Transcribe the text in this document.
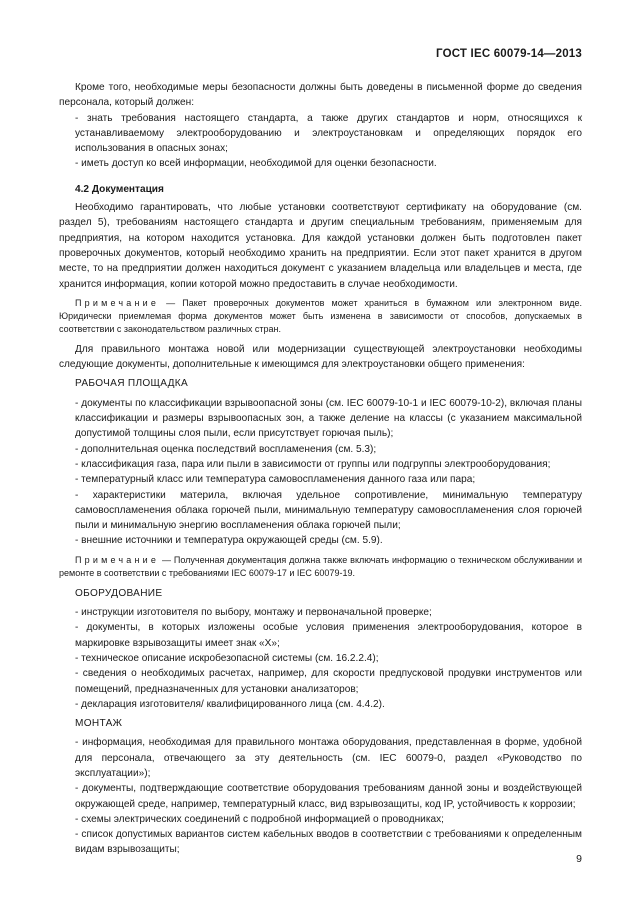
ГОСТ IEC 60079-14—2013

Кроме того, необходимые меры безопасности должны быть доведены в письменной форме до сведения персонала, который должен:

- знать требования настоящего стандарта, а также других стандартов и норм, относящихся к устанавливаемому электрооборудованию и электроустановкам и определяющих порядок его использования в опасных зонах;

- иметь доступ ко всей информации, необходимой для оценки безопасности.

4.2 Документация

Необходимо гарантировать, что любые установки соответствуют сертификату на оборудование (см. раздел 5), требованиям настоящего стандарта и другим специальным требованиям, применяемым для предприятия, на котором находится установка. Для каждой установки должен быть подготовлен пакет проверочных документов, который необходимо хранить на предприятии. Если этот пакет хранится в другом месте, то на предприятии должен находиться документ с указанием владельца или владельцев и места, где хранится информация, копии которой можно предоставить в случае необходимости.

Примечание — Пакет проверочных документов может храниться в бумажном или электронном виде. Юридически приемлемая форма документов может быть изменена в зависимости от способов, допускаемых в соответствии с законодательством различных стран.

Для правильного монтажа новой или модернизации существующей электроустановки необходимы следующие документы, дополнительные к имеющимся для электроустановки общего применения:

РАБОЧАЯ ПЛОЩАДКА

- документы по классификации взрывоопасной зоны (см. IEC 60079-10-1 и IEC 60079-10-2), включая планы классификации и размеры взрывоопасных зон, а также деление на классы (с указанием максимальной допустимой толщины слоя пыли, если присутствует горючая пыль);

- дополнительная оценка последствий воспламенения (см. 5.3);

- классификация газа, пара или пыли в зависимости от группы или подгруппы электрооборудования;

- температурный класс или температура самовоспламенения данного газа или пара;

- характеристики материла, включая удельное сопротивление, минимальную температуру самовоспламенения облака горючей пыли, минимальную температуру самовоспламенения слоя горючей пыли и минимальную энергию воспламенения облака горючей пыли;

- внешние источники и температура окружающей среды (см. 5.9).

Примечание — Полученная документация должна также включать информацию о техническом обслуживании и ремонте в соответствии с требованиями IEC 60079-17 и IEC 60079-19.

ОБОРУДОВАНИЕ

- инструкции изготовителя по выбору, монтажу и первоначальной проверке;

- документы, в которых изложены особые условия применения электрооборудования, которое в маркировке взрывозащиты имеет знак «X»;

- техническое описание искробезопасной системы (см. 16.2.2.4);

- сведения о необходимых расчетах, например, для скорости предпусковой продувки инструментов или помещений, предназначенных для установки анализаторов;

- декларация изготовителя/ квалифицированного лица (см. 4.4.2).

МОНТАЖ

- информация, необходимая для правильного монтажа оборудования, представленная в форме, удобной для персонала, отвечающего за эту деятельность (см. IEC 60079-0, раздел «Руководство по эксплуатации»);

- документы, подтверждающие соответствие оборудования требованиям данной зоны и воздействующей окружающей среде, например, температурный класс, вид взрывозащиты, код IP, устойчивость к коррозии;

- схемы электрических соединений с подробной информацией о проводниках;

- список допустимых вариантов систем кабельных вводов в соответствии с требованиями к определенным видам взрывозащиты;

9
